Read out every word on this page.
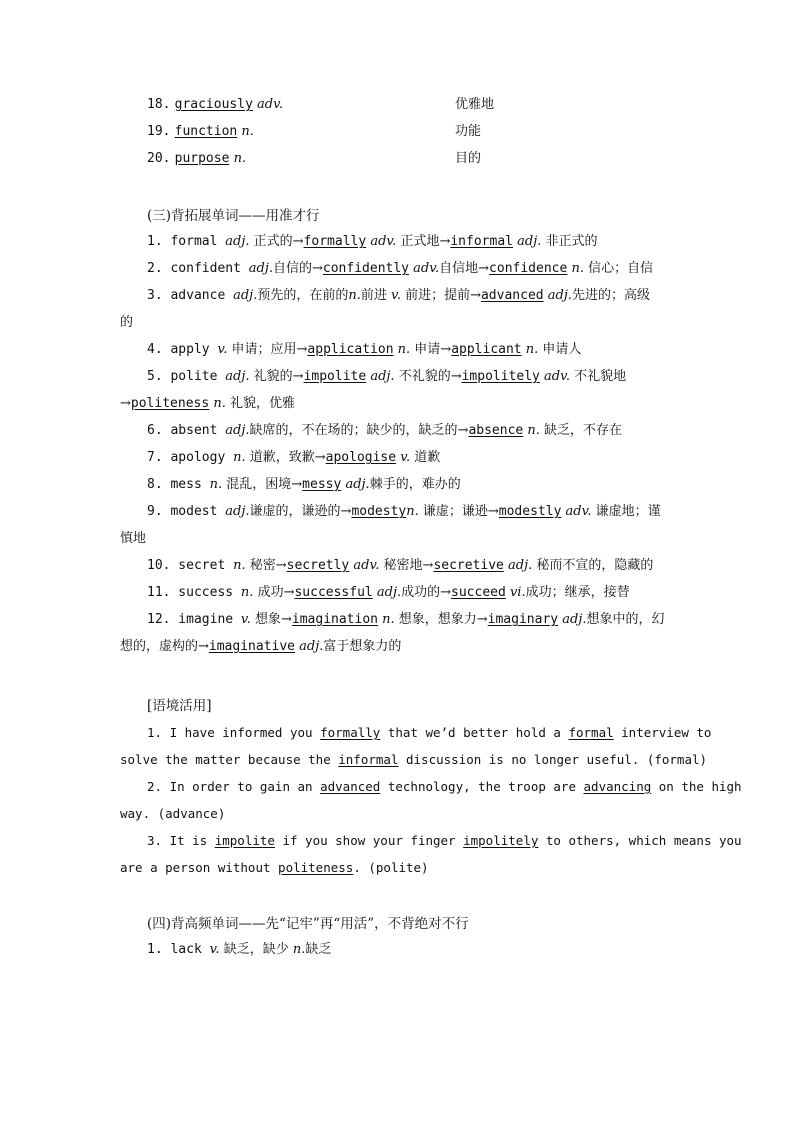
18. graciously adv.	优雅地
19. function n.	功能
20. purpose n.	目的
(三)背拓展单词——用准才行
1. formal adj. 正式的→formally adv. 正式地→informal adj. 非正式的
2. confident adj.自信的→confidently adv.自信地→confidence n. 信心；自信
3. advance adj.预先的，在前的n.前进 v. 前进；提前→advanced adj.先进的；高级
的
4. apply v. 申请；应用→application n. 申请→applicant n. 申请人
5. polite adj. 礼貌的→impolite adj. 不礼貌的→impolitely adv. 不礼貌地
→politeness n. 礼貌，优雅
6. absent adj.缺席的，不在场的；缺少的，缺乏的→absence n. 缺乏，不存在
7. apology n. 道歉，致歉→apologise v. 道歉
8. mess n. 混乱，困境→messy adj.棘手的，难办的
9. modest adj.谦虚的，谦逊的→modestyn. 谦虚；谦逊→modestly adv. 谦虚地；谨
慎地
10. secret n. 秘密→secretly adv. 秘密地→secretive adj. 秘而不宣的，隐藏的
11. success n. 成功→successful adj.成功的→succeed vi.成功；继承，接替
12. imagine v. 想象→imagination n. 想象，想象力→imaginary adj.想象中的，幻
想的，虚构的→imaginative adj.富于想象力的
[语境活用]
1. I have informed you formally that we’d better hold a formal interview to
solve the matter because the informal discussion is no longer useful. (formal)
2. In order to gain an advanced technology, the troop are advancing on the high
way. (advance)
3. It is impolite if you show your finger impolitely to others, which means you
are a person without politeness. (polite)
(四)背高频单词——先“记牢”再“用活”，不背绝对不行
1. lack v. 缺乏，缺少 n.缺乏
